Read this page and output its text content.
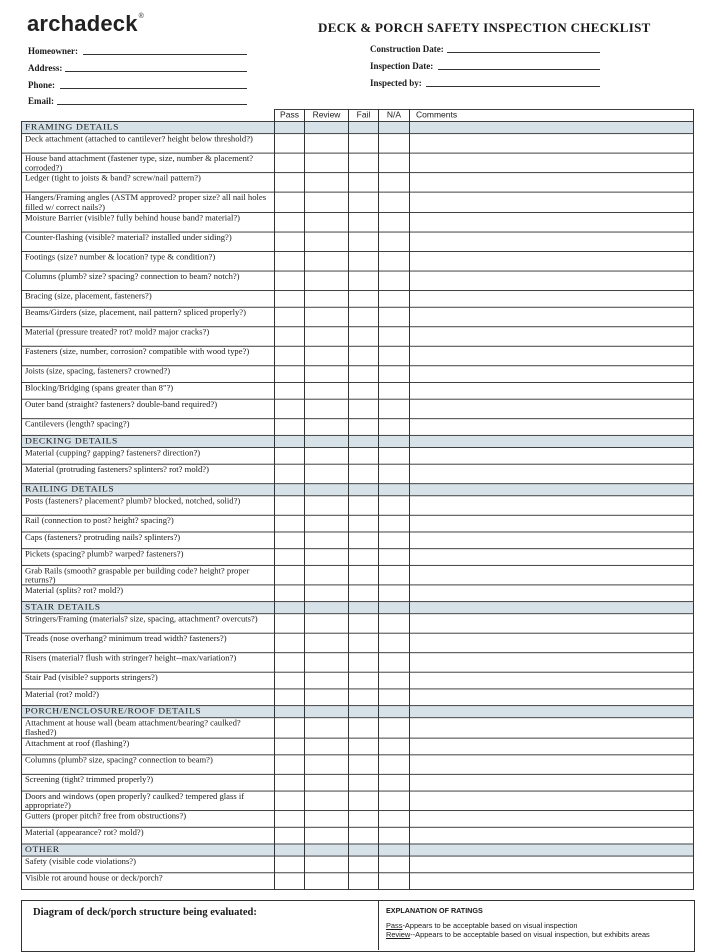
archadeck®
DECK & PORCH SAFETY INSPECTION CHECKLIST
Homeowner:
Address:
Phone:
Email:
Construction Date:
Inspection Date:
Inspected by:
	Pass	Review	Fail	N/A	Comments
FRAMING DETAILS					
Deck attachment (attached to cantilever? height below threshold?)					
House band attachment (fastener type, size, number & placement? corroded?)					
Ledger (tight to joists & band? screw/nail pattern?)					
Hangers/Framing angles (ASTM approved? proper size? all nail holes filled w/ correct nails?)					
Moisture Barrier (visible? fully behind house band? material?)					
Counter-flashing (visible? material? installed under siding?)					
Footings (size? number & location? type & condition?)					
Columns (plumb? size? spacing? connection to beam? notch?)					
Bracing (size, placement, fasteners?)					
Beams/Girders (size, placement, nail pattern? spliced properly?)					
Material (pressure treated? rot? mold? major cracks?)					
Fasteners (size, number, corrosion? compatible with wood type?)					
Joists (size, spacing, fasteners? crowned?)					
Blocking/Bridging (spans greater than 8"?)					
Outer band (straight? fasteners? double-band required?)					
Cantilevers (length? spacing?)					
DECKING DETAILS					
Material (cupping? gapping? fasteners? direction?)					
Material (protruding fasteners? splinters? rot? mold?)					
RAILING DETAILS					
Posts (fasteners? placement? plumb? blocked, notched, solid?)					
Rail (connection to post? height? spacing?)					
Caps (fasteners? protruding nails? splinters?)					
Pickets (spacing? plumb? warped? fasteners?)					
Grab Rails (smooth? graspable per building code? height? proper returns?)					
Material (splits? rot? mold?)					
STAIR DETAILS					
Stringers/Framing (materials? size, spacing, attachment? overcuts?)					
Treads (nose overhang? minimum tread width? fasteners?)					
Risers (material? flush with stringer? height--max/variation?)					
Stair Pad (visible? supports stringers?)					
Material (rot? mold?)					
PORCH/ENCLOSURE/ROOF DETAILS					
Attachment at house wall (beam attachment/bearing? caulked? flashed?)					
Attachment at roof (flashing?)					
Columns (plumb? size, spacing? connection to beam?)					
Screening (tight? trimmed properly?)					
Doors and windows (open properly? caulked? tempered glass if appropriate?)					
Gutters (proper pitch? free from obstructions?)					
Material (appearance? rot? mold?)					
OTHER					
Safety (visible code violations?)					
Visible rot around house or deck/porch?					
Diagram of deck/porch structure being evaluated:	EXPLANATION OF RATINGS
Pass-Appears to be acceptable based on visual inspection
Review--Appears to be acceptable based on visual inspection, but exhibits areas
